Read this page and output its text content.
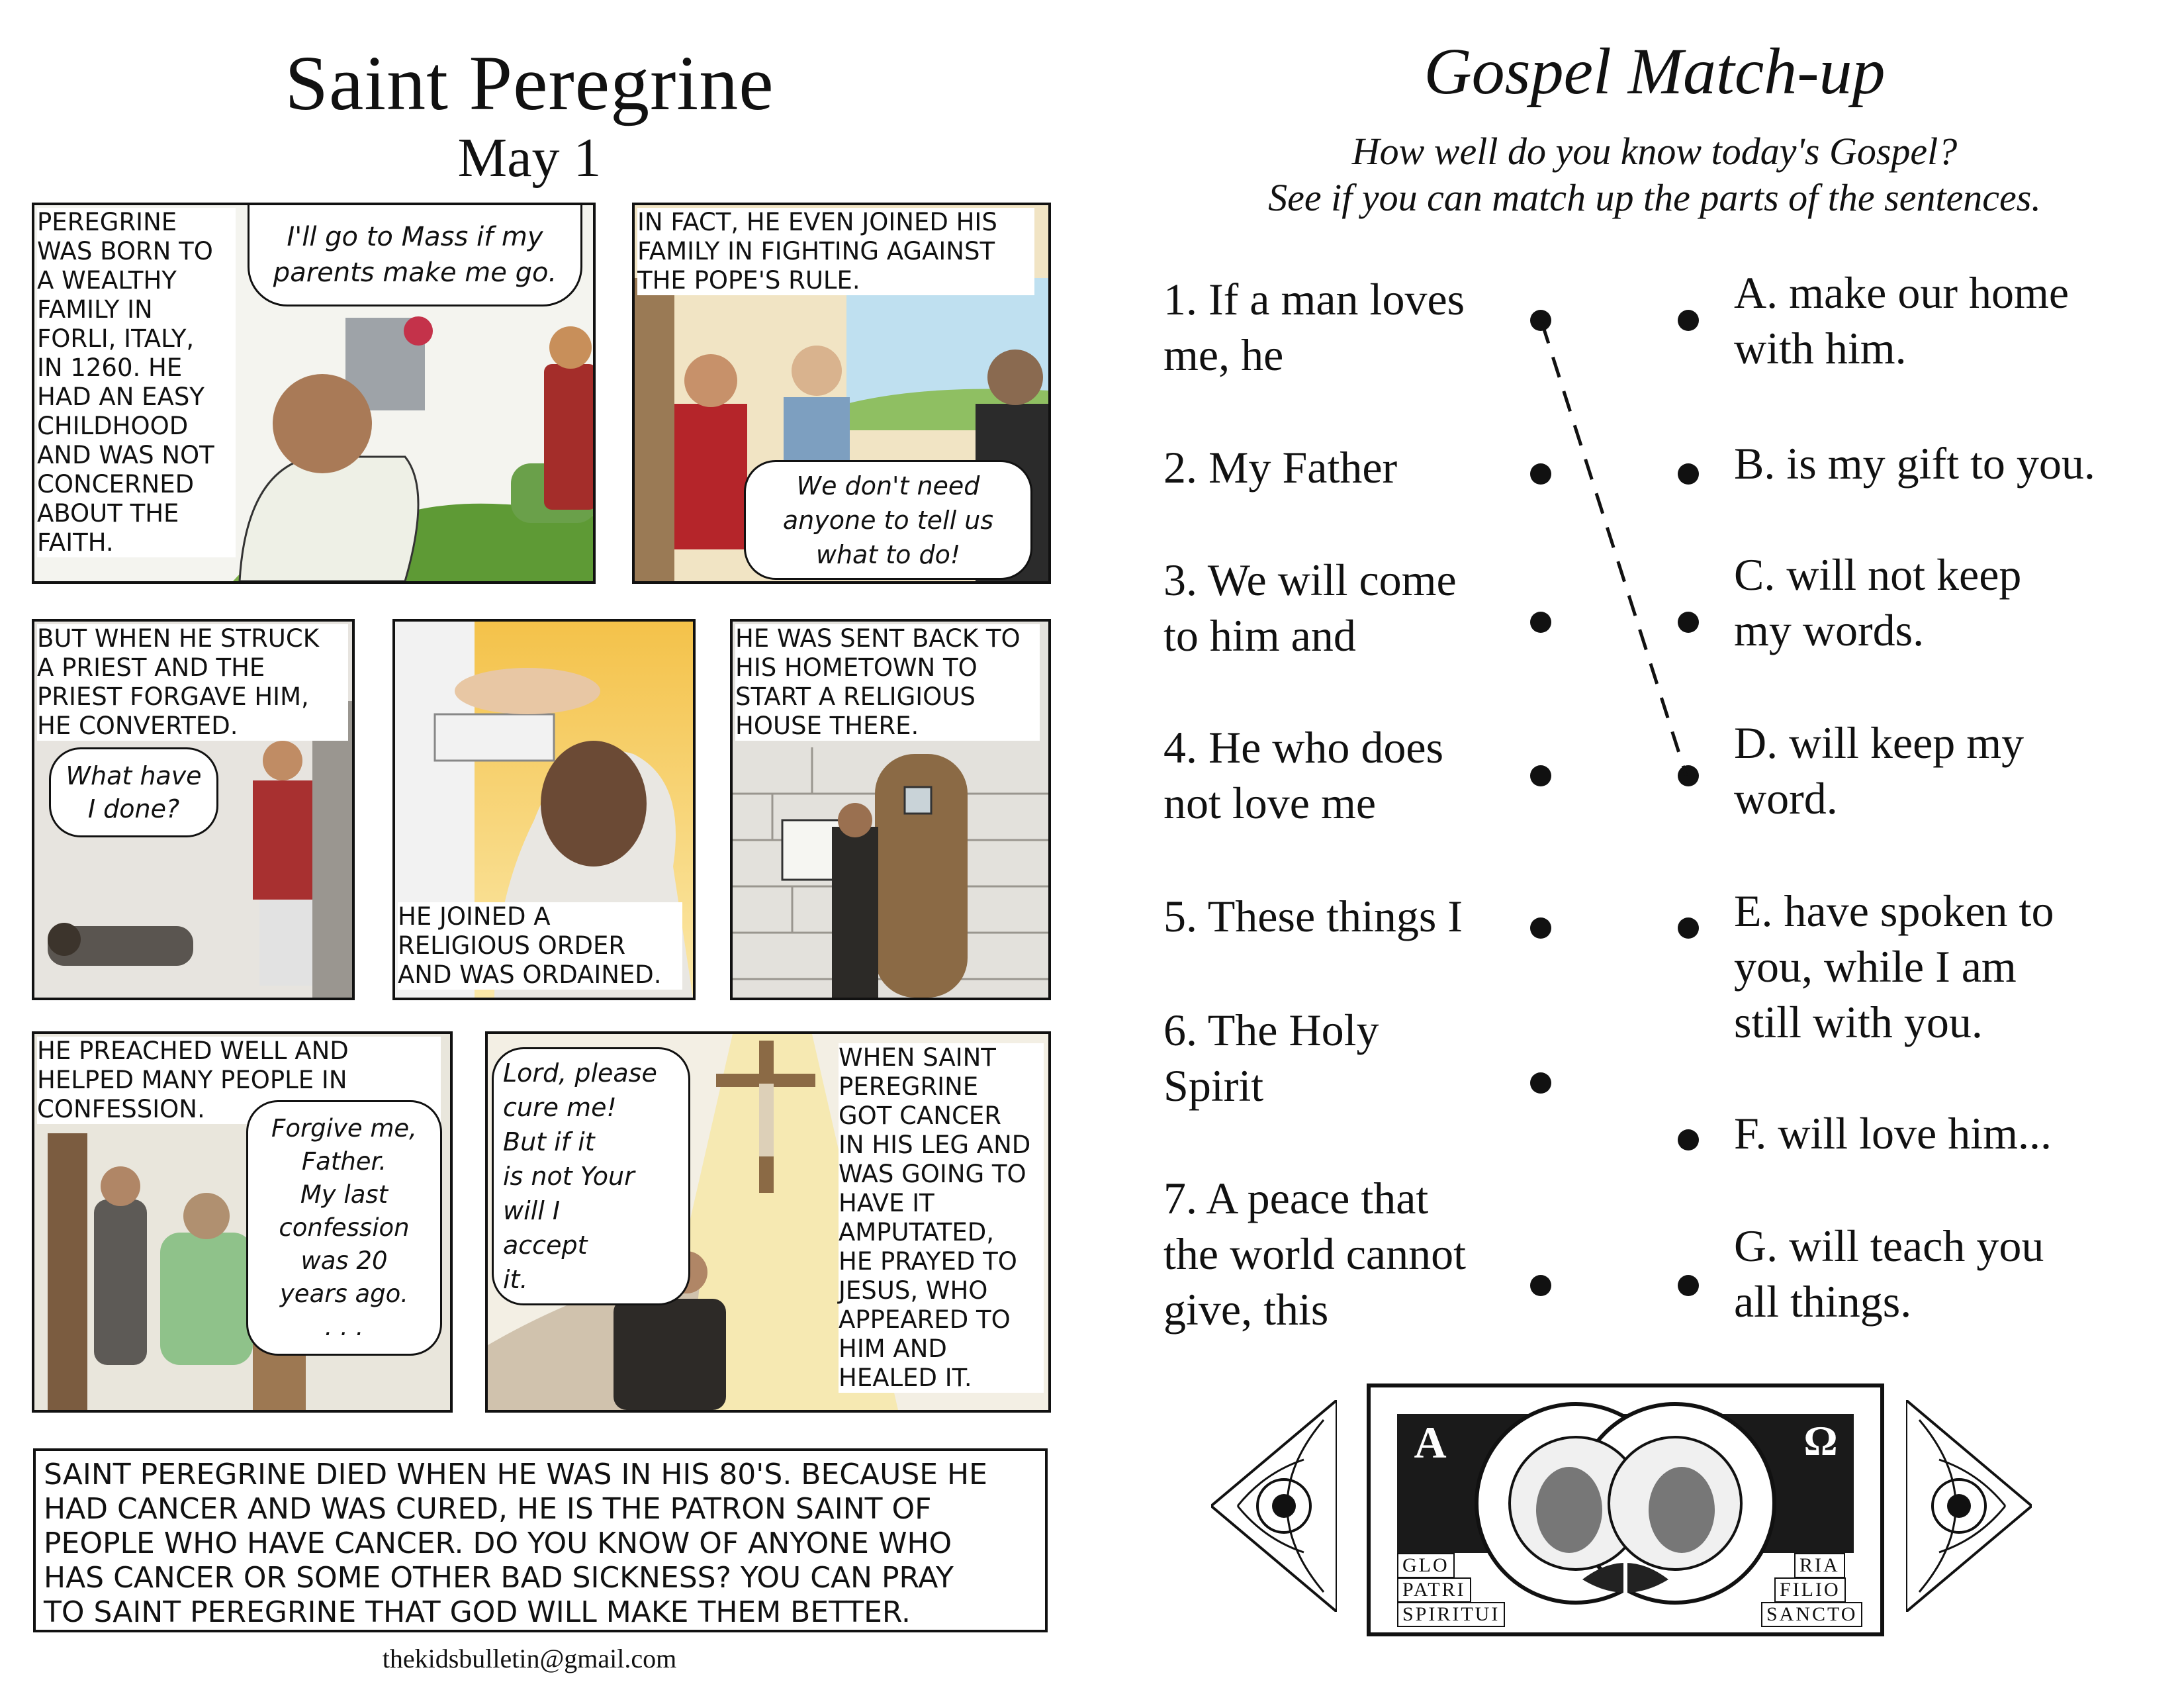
Saint Peregrine
May 1
PEREGRINE
WAS BORN TO
A WEALTHY
FAMILY IN
FORLI, ITALY,
IN 1260. HE
HAD AN EASY
CHILDHOOD
AND WAS NOT
CONCERNED
ABOUT THE
FAITH.
I'll go to Mass if my
parents make me go.
IN FACT, HE EVEN JOINED HIS
FAMILY IN FIGHTING AGAINST
THE POPE'S RULE.
We don't need
anyone to tell us
what to do!
BUT WHEN HE STRUCK
A PRIEST AND THE
PRIEST FORGAVE HIM,
HE CONVERTED.
What have
I done?
HE JOINED A
RELIGIOUS ORDER
AND WAS ORDAINED.
HE WAS SENT BACK TO
HIS HOMETOWN TO
START A RELIGIOUS
HOUSE THERE.
HE PREACHED WELL AND
HELPED MANY PEOPLE IN
CONFESSION.
Forgive me,
Father.
My last
confession
was 20
years ago.
. . .
Lord, please
cure me!
But if it
is not Your
will I
accept
it.
WHEN SAINT
PEREGRINE
GOT CANCER
IN HIS LEG AND
WAS GOING TO
HAVE IT
AMPUTATED,
HE PRAYED TO
JESUS, WHO
APPEARED TO
HIM AND
HEALED IT.
SAINT PEREGRINE DIED WHEN HE WAS IN HIS 80'S. BECAUSE HE
HAD CANCER AND WAS CURED, HE IS THE PATRON SAINT OF
PEOPLE WHO HAVE CANCER. DO YOU KNOW OF ANYONE WHO
HAS CANCER OR SOME OTHER BAD SICKNESS? YOU CAN PRAY
TO SAINT PEREGRINE THAT GOD WILL MAKE THEM BETTER.
thekidsbulletin@gmail.com
Gospel Match-up
How well do you know today's Gospel?
See if you can match up the parts of the sentences.
1. If a man loves
me, he
2. My Father
3. We will come
to him and
4. He who does
not love me
5. These things I
6. The Holy
Spirit
7. A peace that
the world cannot
give, this
A. make our home
with him.
B. is my gift to you.
C. will not keep
my words.
D. will keep my
word.
E. have spoken to
you, while I am
still with you.
F. will love him...
G. will teach you
all things.
A	Ω
GLO	RIA
PATRI	FILIO
SPIRITUI	SANCTO
